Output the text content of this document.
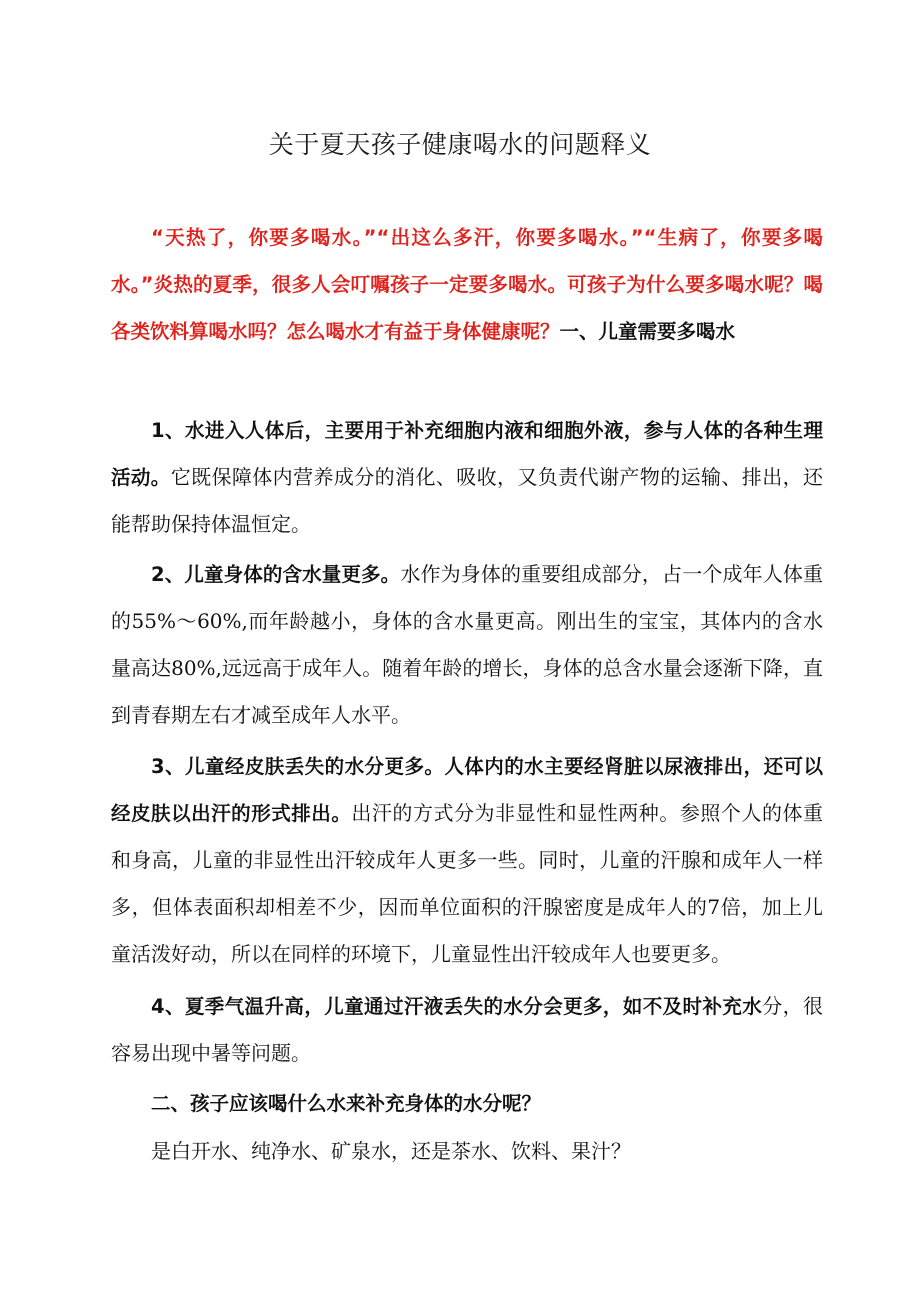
关于夏天孩子健康喝水的问题释义

“天热了，你要多喝水。”“出这么多汗，你要多喝水。”“生病了，你要多喝水。”炎热的夏季，很多人会叮嘱孩子一定要多喝水。可孩子为什么要多喝水呢？喝各类饮料算喝水吗？怎么喝水才有益于身体健康呢？一、儿童需要多喝水

1、水进入人体后，主要用于补充细胞内液和细胞外液，参与人体的各种生理活动。它既保障体内营养成分的消化、吸收，又负责代谢产物的运输、排出，还能帮助保持体温恒定。

2、儿童身体的含水量更多。水作为身体的重要组成部分，占一个成年人体重的55%～60%,而年龄越小，身体的含水量更高。刚出生的宝宝，其体内的含水量高达80%,远远高于成年人。随着年龄的增长，身体的总含水量会逐渐下降，直到青春期左右才减至成年人水平。

3、儿童经皮肤丢失的水分更多。人体内的水主要经肾脏以尿液排出，还可以经皮肤以出汗的形式排出。出汗的方式分为非显性和显性两种。参照个人的体重和身高，儿童的非显性出汗较成年人更多一些。同时，儿童的汗腺和成年人一样多，但体表面积却相差不少，因而单位面积的汗腺密度是成年人的7倍，加上儿童活泼好动，所以在同样的环境下，儿童显性出汗较成年人也要更多。

4、夏季气温升高，儿童通过汗液丢失的水分会更多，如不及时补充水分，很容易出现中暑等问题。

二、孩子应该喝什么水来补充身体的水分呢？

是白开水、纯净水、矿泉水，还是茶水、饮料、果汁？
